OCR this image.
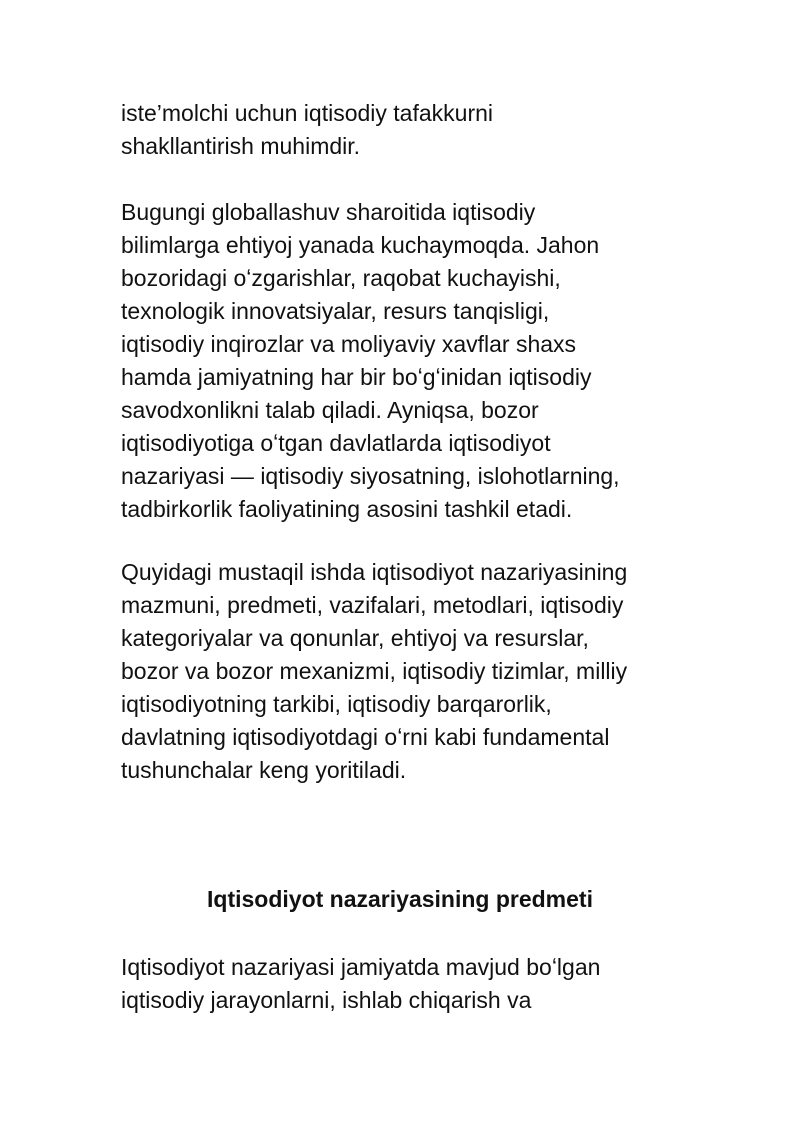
iste’molchi uchun iqtisodiy tafakkurni
shakllantirish muhimdir.
Bugungi globallashuv sharoitida iqtisodiy
bilimlarga ehtiyoj yanada kuchaymoqda. Jahon
bozoridagi oʻzgarishlar, raqobat kuchayishi,
texnologik innovatsiyalar, resurs tanqisligi,
iqtisodiy inqirozlar va moliyaviy xavflar shaxs
hamda jamiyatning har bir boʻgʻinidan iqtisodiy
savodxonlikni talab qiladi. Ayniqsa, bozor
iqtisodiyotiga oʻtgan davlatlarda iqtisodiyot
nazariyasi — iqtisodiy siyosatning, islohotlarning,
tadbirkorlik faoliyatining asosini tashkil etadi.
Quyidagi mustaqil ishda iqtisodiyot nazariyasining
mazmuni, predmeti, vazifalari, metodlari, iqtisodiy
kategoriyalar va qonunlar, ehtiyoj va resurslar,
bozor va bozor mexanizmi, iqtisodiy tizimlar, milliy
iqtisodiyotning tarkibi, iqtisodiy barqarorlik,
davlatning iqtisodiyotdagi oʻrni kabi fundamental
tushunchalar keng yoritiladi.
Iqtisodiyot nazariyasining predmeti
Iqtisodiyot nazariyasi jamiyatda mavjud boʻlgan
iqtisodiy jarayonlarni, ishlab chiqarish va
